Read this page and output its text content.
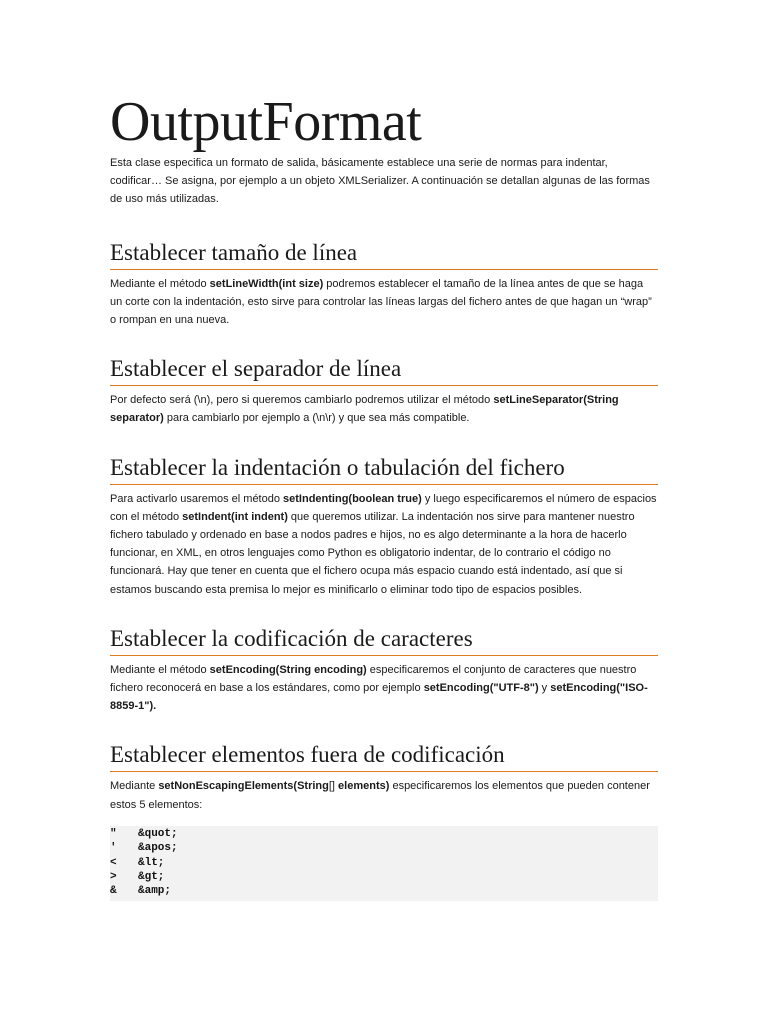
OutputFormat

Esta clase especifica un formato de salida, básicamente establece una serie de normas para indentar, codificar… Se asigna, por ejemplo a un objeto XMLSerializer. A continuación se detallan algunas de las formas de uso más utilizadas.

Establecer tamaño de línea

Mediante el método setLineWidth(int size) podremos establecer el tamaño de la línea antes de que se haga un corte con la indentación, esto sirve para controlar las líneas largas del fichero antes de que hagan un “wrap” o rompan en una nueva.

Establecer el separador de línea

Por defecto será (\n), pero si queremos cambiarlo podremos utilizar el método setLineSeparator(String separator) para cambiarlo por ejemplo a (\n\r) y que sea más compatible.

Establecer la indentación o tabulación del fichero

Para activarlo usaremos el método setIndenting(boolean true) y luego especificaremos el número de espacios con el método setIndent(int indent) que queremos utilizar. La indentación nos sirve para mantener nuestro fichero tabulado y ordenado en base a nodos padres e hijos, no es algo determinante a la hora de hacerlo funcionar, en XML, en otros lenguajes como Python es obligatorio indentar, de lo contrario el código no funcionará. Hay que tener en cuenta que el fichero ocupa más espacio cuando está indentado, así que si estamos buscando esta premisa lo mejor es minificarlo o eliminar todo tipo de espacios posibles.

Establecer la codificación de caracteres

Mediante el método setEncoding(String encoding) especificaremos el conjunto de caracteres que nuestro fichero reconocerá en base a los estándares, como por ejemplo setEncoding("UTF-8") y setEncoding("ISO-8859-1").

Establecer elementos fuera de codificación

Mediante setNonEscapingElements(String[] elements) especificaremos los elementos que pueden contener estos 5 elementos:

"	&quot;
'	&apos;
<	&lt;
>	&gt;
&	&amp;
